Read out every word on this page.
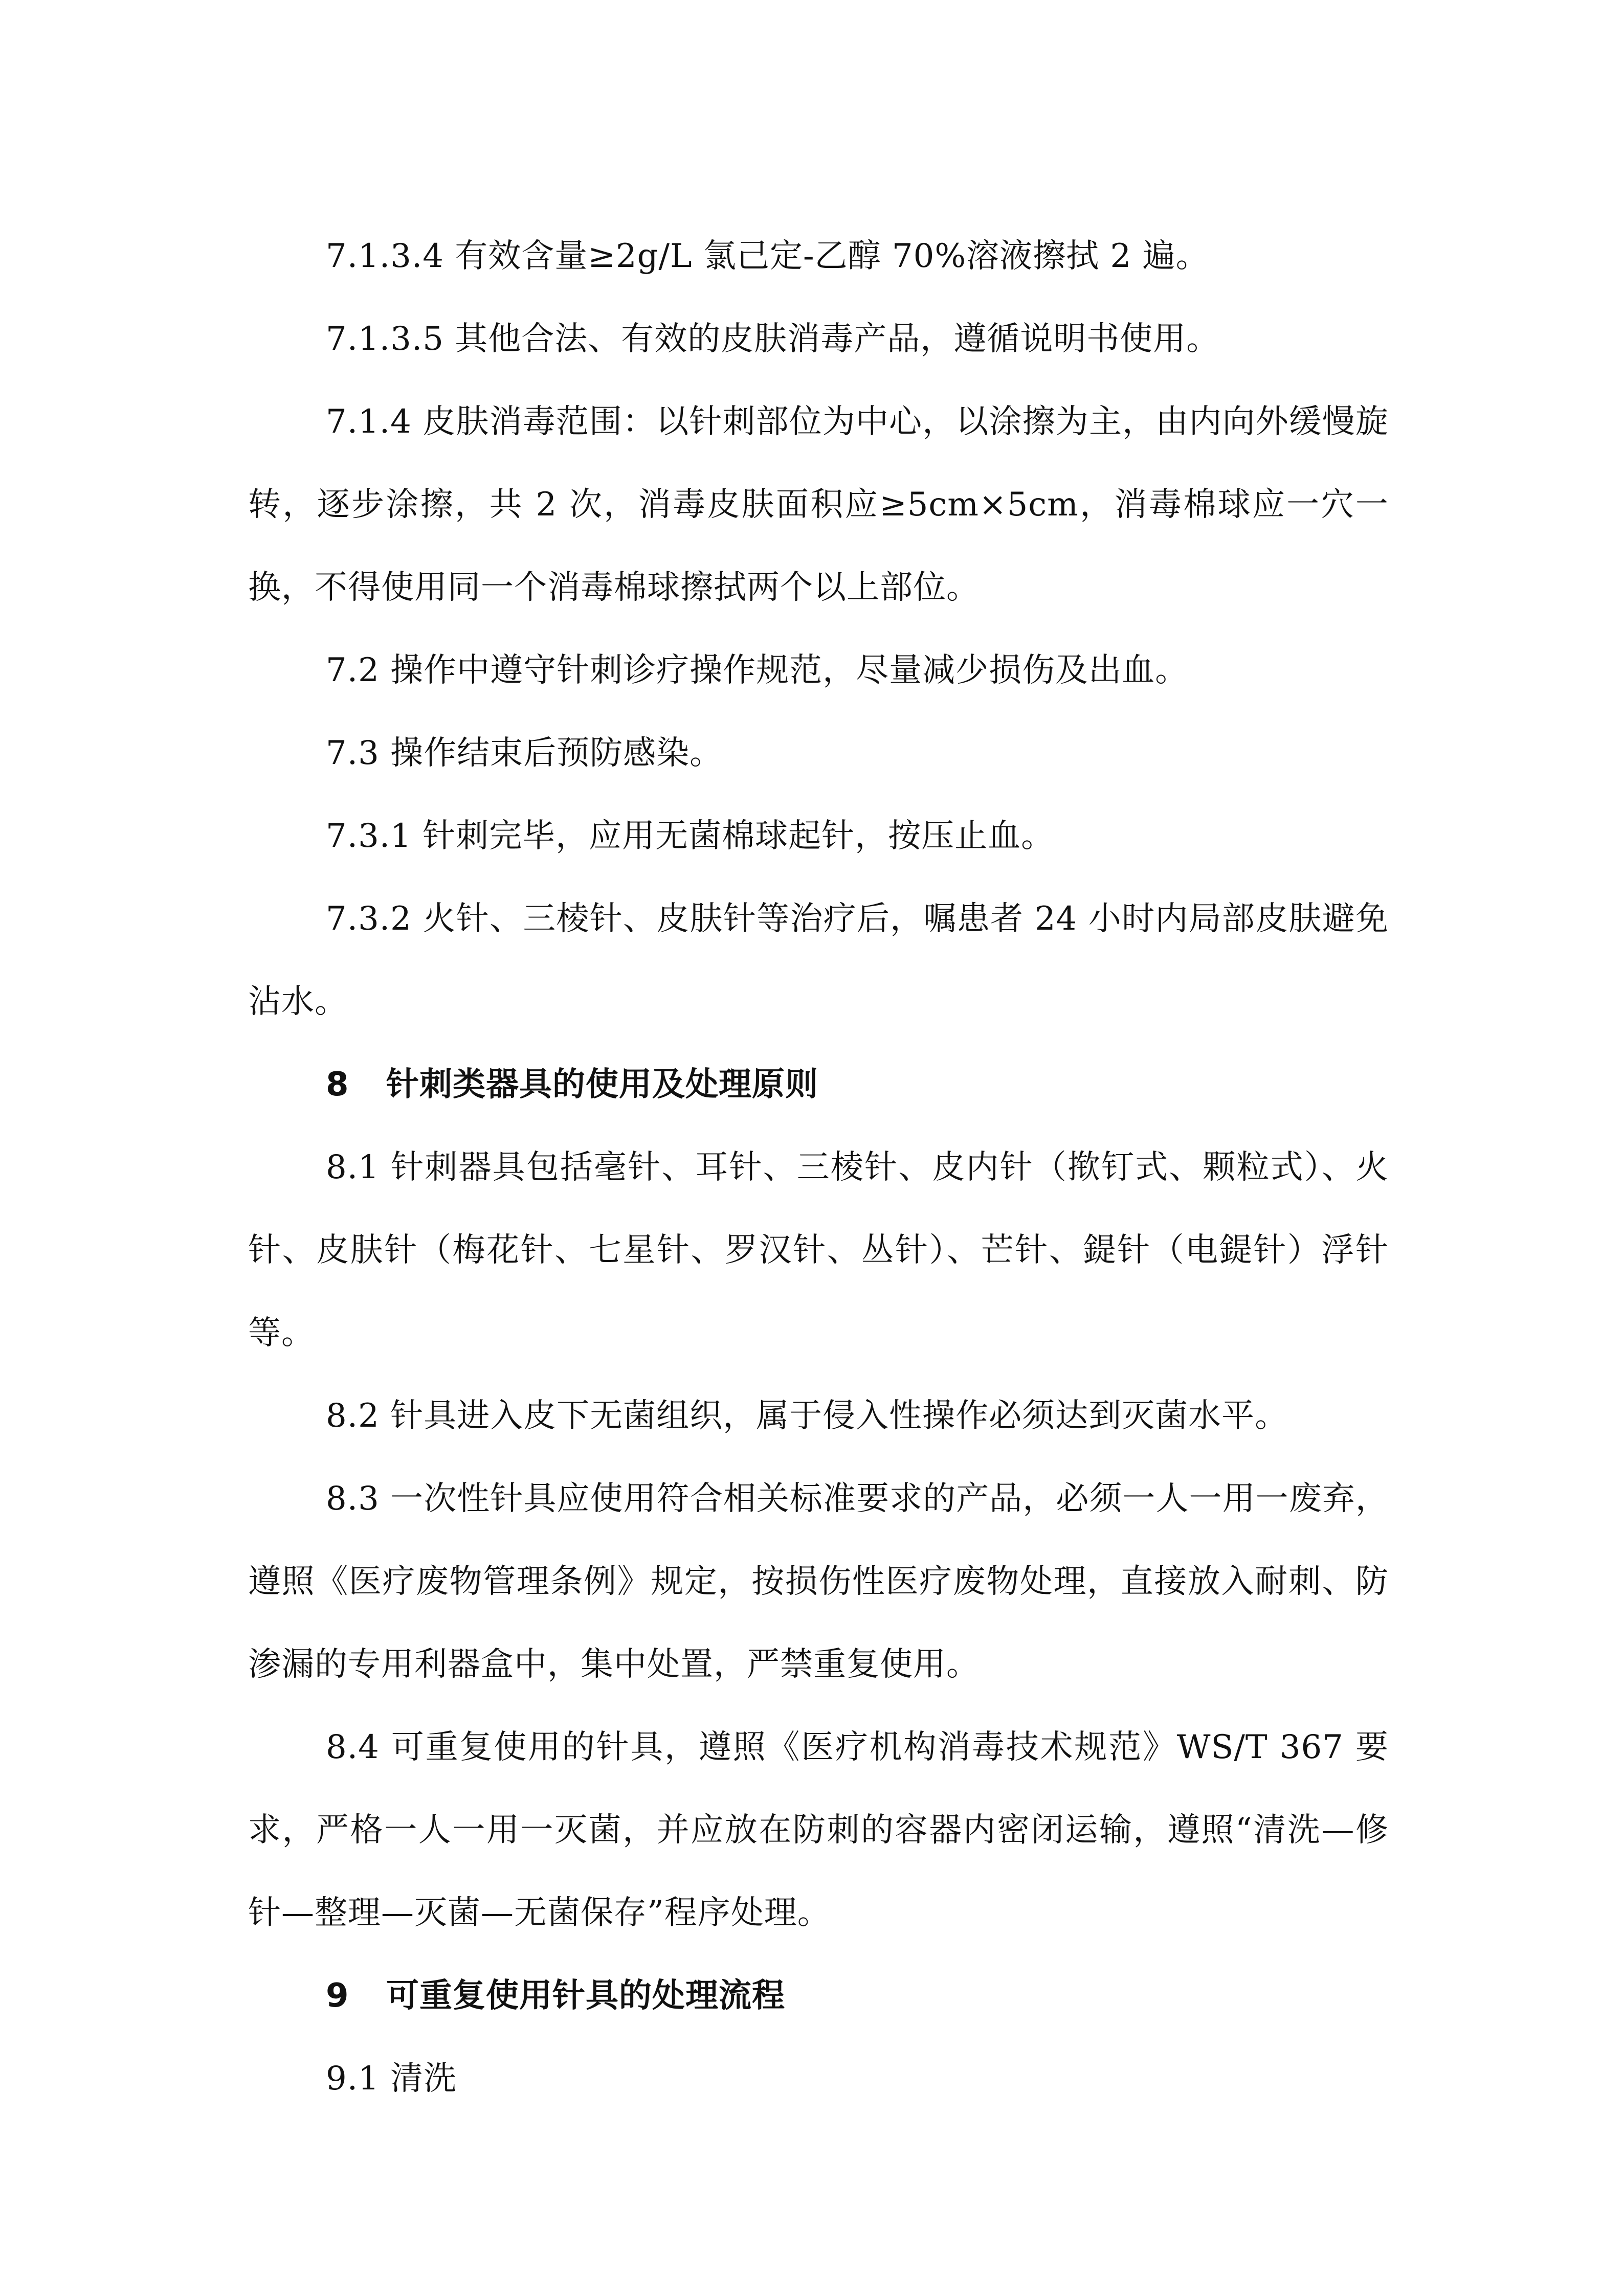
7.1.3.4 有效含量≥2g/L 氯己定-乙醇 70%溶液擦拭 2 遍。

7.1.3.5 其他合法、有效的皮肤消毒产品，遵循说明书使用。

7.1.4 皮肤消毒范围：以针刺部位为中心，以涂擦为主，由内向外缓慢旋转，逐步涂擦，共 2 次，消毒皮肤面积应≥5cm×5cm，消毒棉球应一穴一换，不得使用同一个消毒棉球擦拭两个以上部位。

7.2 操作中遵守针刺诊疗操作规范，尽量减少损伤及出血。

7.3 操作结束后预防感染。

7.3.1 针刺完毕，应用无菌棉球起针，按压止血。

7.3.2 火针、三棱针、皮肤针等治疗后，嘱患者 24 小时内局部皮肤避免沾水。

8 针刺类器具的使用及处理原则

8.1 针刺器具包括毫针、耳针、三棱针、皮内针（揿钉式、颗粒式）、火针、皮肤针（梅花针、七星针、罗汉针、丛针）、芒针、鍉针（电鍉针）浮针等。

8.2 针具进入皮下无菌组织，属于侵入性操作必须达到灭菌水平。

8.3 一次性针具应使用符合相关标准要求的产品，必须一人一用一废弃，遵照《医疗废物管理条例》规定，按损伤性医疗废物处理，直接放入耐刺、防渗漏的专用利器盒中，集中处置，严禁重复使用。

8.4 可重复使用的针具，遵照《医疗机构消毒技术规范》WS/T 367 要求，严格一人一用一灭菌，并应放在防刺的容器内密闭运输，遵照“清洗—修针—整理—灭菌—无菌保存”程序处理。

9 可重复使用针具的处理流程

9.1 清洗
